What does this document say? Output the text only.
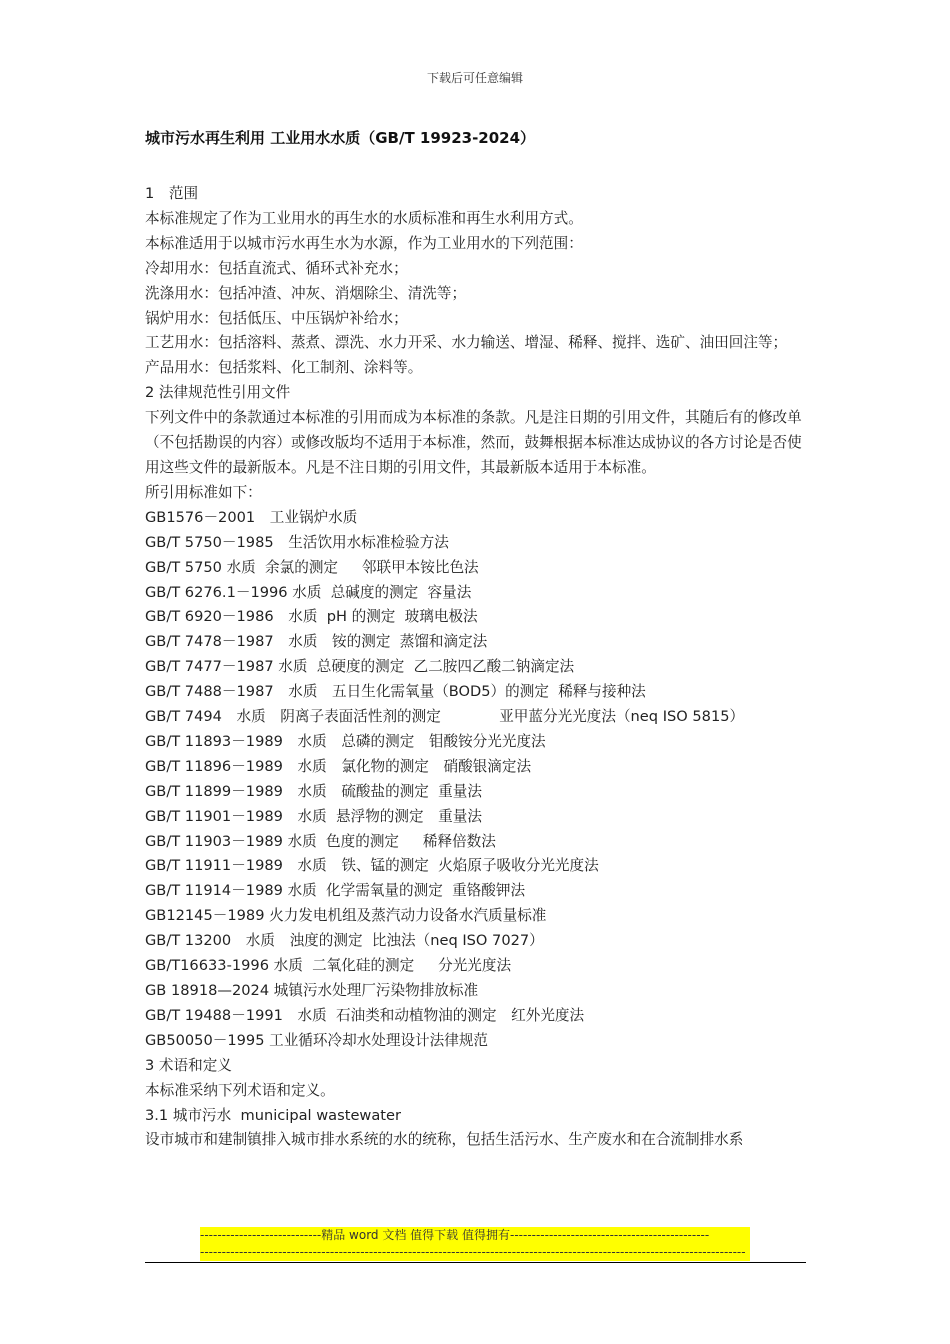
下载后可任意编辑
城市污水再生利用 工业用水水质（GB/T 19923-2024）
1　范围
本标准规定了作为工业用水的再生水的水质标准和再生水利用方式。
本标准适用于以城市污水再生水为水源，作为工业用水的下列范围：
冷却用水：包括直流式、循环式补充水；
洗涤用水：包括冲渣、冲灰、消烟除尘、清洗等；
锅炉用水：包括低压、中压锅炉补给水；
工艺用水：包括溶料、蒸煮、漂洗、水力开采、水力输送、增湿、稀释、搅拌、选矿、油田回注等；
产品用水：包括浆料、化工制剂、涂料等。
2 法律规范性引用文件
下列文件中的条款通过本标准的引用而成为本标准的条款。凡是注日期的引用文件，其随后有的修改单（不包括勘误的内容）或修改版均不适用于本标准，然而，鼓舞根据本标准达成协议的各方讨论是否使用这些文件的最新版本。凡是不注日期的引用文件，其最新版本适用于本标准。
所引用标准如下：
GB1576－2001　工业锅炉水质
GB/T 5750－1985　生活饮用水标准检验方法
GB/T 5750 水质  余氯的测定　  邻联甲本铵比色法
GB/T 6276.1－1996 水质  总碱度的测定  容量法
GB/T 6920－1986　水质  pH 的测定  玻璃电极法
GB/T 7478－1987　水质　铵的测定  蒸馏和滴定法
GB/T 7477－1987 水质  总硬度的测定  乙二胺四乙酸二钠滴定法
GB/T 7488－1987　水质　五日生化需氧量（BOD5）的测定  稀释与接种法
GB/T 7494　水质　阴离子表面活性剂的测定　　　　亚甲蓝分光光度法（neq ISO 5815）
GB/T 11893－1989　水质　总磷的测定　钼酸铵分光光度法
GB/T 11896－1989　水质　氯化物的测定　硝酸银滴定法
GB/T 11899－1989　水质　硫酸盐的测定  重量法
GB/T 11901－1989　水质  悬浮物的测定　重量法
GB/T 11903－1989 水质  色度的测定　  稀释倍数法
GB/T 11911－1989　水质　铁、锰的测定  火焰原子吸收分光光度法
GB/T 11914－1989 水质  化学需氧量的测定  重铬酸钾法
GB12145－1989 火力发电机组及蒸汽动力设备水汽质量标准
GB/T 13200　水质　浊度的测定  比浊法（neq ISO 7027）
GB/T16633-1996 水质  二氧化硅的测定　  分光光度法
GB 18918—2024 城镇污水处理厂污染物排放标准
GB/T 19488－1991　水质  石油类和动植物油的测定　红外光度法
GB50050－1995 工业循环冷却水处理设计法律规范
3 术语和定义
本标准采纳下列术语和定义。
3.1 城市污水  municipal wastewater
设市城市和建制镇排入城市排水系统的水的统称，包括生活污水、生产废水和在合流制排水系
----------------------------精品 word 文档 值得下载 值得拥有----------------------------------------------
------------------------------------------------------------------------------------------------------------------------------
